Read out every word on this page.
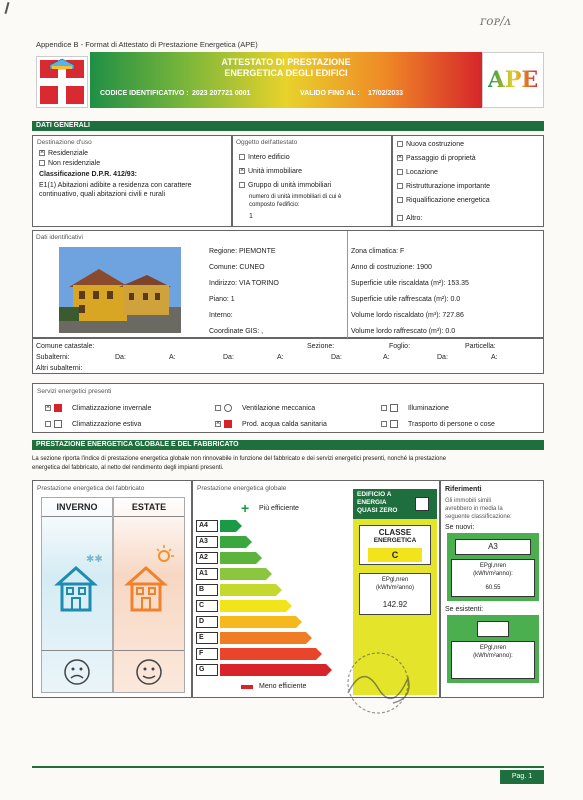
ᴦᴏᴘ/ᴧ
Appendice B - Format di Attestato di Prestazione Energetica (APE)
ATTESTATO DI PRESTAZIONE
ENERGETICA DEGLI EDIFICI
CODICE IDENTIFICATIVO : 2023 207721 0001	VALIDO FINO AL : 17/02/2033
APE
DATI GENERALI
Destinazione d'uso
×Residenziale
Non residenziale
Classificazione D.P.R. 412/93:
E1(1) Abitazioni adibite a residenza con carattere
continuativo, quali abitazioni civili e rurali
Oggetto dell'attestato
Intero edificio
×Unità immobiliare
Gruppo di unità immobiliari
numero di unità immobiliari di cui è
composto l'edificio:
1
Nuova costruzione
×Passaggio di proprietà
Locazione
Ristrutturazione importante
Riqualificazione energetica
Altro:
Dati identificativi
Regione: PIEMONTE
Comune: CUNEO
Indirizzo: VIA TORINO
Piano: 1
Interno:
Coordinate GIS: ,
Zona climatica: F
Anno di costruzione: 1900
Superficie utile riscaldata (m²): 153.35
Superficie utile raffrescata (m²): 0.0
Volume lordo riscaldato (m³): 727.86
Volume lordo raffrescato (m³): 0.0
Comune catastale:	Sezione:	Foglio:	Particella:
Subalterni:	Da:	A:	Da:	A:	Da:	A:	Da:	A:
Altri subalterni:
Servizi energetici presenti
×Climatizzazione invernale
Climatizzazione estiva
Ventilazione meccanica
×Prod. acqua calda sanitaria
Illuminazione
Trasporto di persone o cose
PRESTAZIONE ENERGETICA GLOBALE E DEL FABBRICATO
La sezione riporta l'indice di prestazione energetica globale non rinnovabile in funzione del fabbricato e dei servizi energetici presenti, nonché la prestazione
energetica del fabbricato, al netto del rendimento degli impianti presenti.
Prestazione energetica del fabbricato
INVERNO
✱✱
ESTATE
Prestazione energetica globale
+ Più efficiente
Meno efficiente
EDIFICIO A
ENERGIA
QUASI ZERO
CLASSE
ENERGETICA
C
EPgl,nren
(kWh/m²anno)
142.92
Riferimenti
Gli immobili simili
avrebbero in media la
seguente classificazione:
Se nuovi:
A3
EPgl,nren
(kWh/m²anno):
60.55
Se esistenti:
EPgl,nren
(kWh/m²anno):
A4
A3
A2
A1
B
C
D
E
F
G
Pag. 1
